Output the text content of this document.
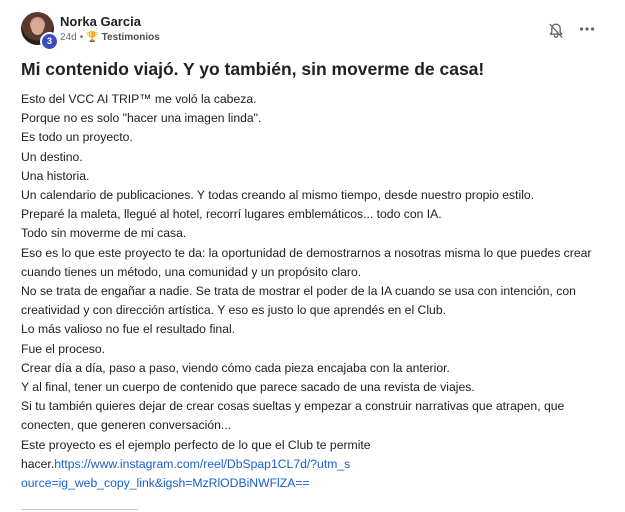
3
Norka Garcia
24d • 🏆 Testimonios
Mi contenido viajó. Y yo también, sin moverme de casa!

Esto del VCC AI TRIP™ me voló la cabeza.

Porque no es solo "hacer una imagen linda".

Es todo un proyecto.

Un destino.

Una historia.

Un calendario de publicaciones. Y todas creando al mismo tiempo, desde nuestro propio estilo.

Preparé la maleta, llegué al hotel, recorrí lugares emblemáticos... todo con IA.

Todo sin moverme de mi casa.

Eso es lo que este proyecto te da: la oportunidad de demostrarnos a nosotras misma lo que puedes crear cuando tienes un método, una comunidad y un propósito claro.

No se trata de engañar a nadie. Se trata de mostrar el poder de la IA cuando se usa con intención, con creatividad y con dirección artística. Y eso es justo lo que aprendés en el Club.

Lo más valioso no fue el resultado final.

Fue el proceso.

Crear día a día, paso a paso, viendo cómo cada pieza encajaba con la anterior.

Y al final, tener un cuerpo de contenido que parece sacado de una revista de viajes.

Si tu también quieres dejar de crear cosas sueltas y empezar a construir narrativas que atrapen, que conecten, que generen conversación...

Este proyecto es el ejemplo perfecto de lo que el Club te permite

hacer.https://www.instagram.com/reel/DbSpap1CL7d/?utm_source=ig_web_copy_link&igsh=MzRlODBiNWFlZA==
